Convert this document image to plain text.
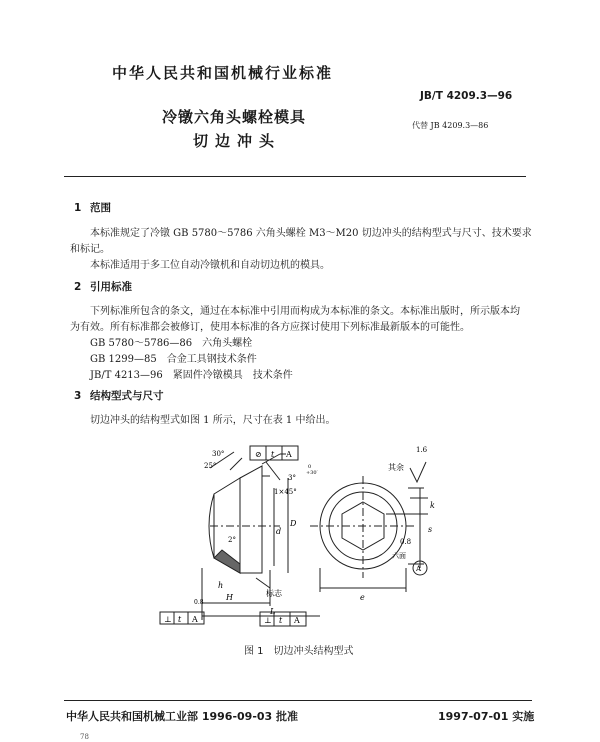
中华人民共和国机械行业标准
JB/T 4209.3—96
冷镦六角头螺栓模具
切边冲头
代替 JB 4209.3—86
1 范围
本标准规定了冷镦 GB 5780～5786 六角头螺栓 M3～M20 切边冲头的结构型式与尺寸、技术要求
和标记。
本标准适用于多工位自动冷镦机和自动切边机的模具。
2 引用标准
下列标准所包含的条文，通过在本标准中引用而构成为本标准的条文。本标准出版时，所示版本均
为有效。所有标准都会被修订，使用本标准的各方应探讨使用下列标准最新版本的可能性。
GB 5780～5786—86　六角头螺栓
GB 1299—85　合金工具钢技术条件
JB/T 4213—96　紧固件冷镦模具　技术条件
3 结构型式与尺寸
切边冲头的结构型式如图 1 所示，尺寸在表 1 中给出。
30°
25°
3°
+30′
0
1×45°
2°
D
d
h
H
L
标志
0.8
⊘ t A
⊥ t A	⊥ t A
其余
1.6
0.8
六面
A
s
e
k
图 1　切边冲头结构型式
中华人民共和国机械工业部 1996-09-03 批准	1997-07-01 实施
78
